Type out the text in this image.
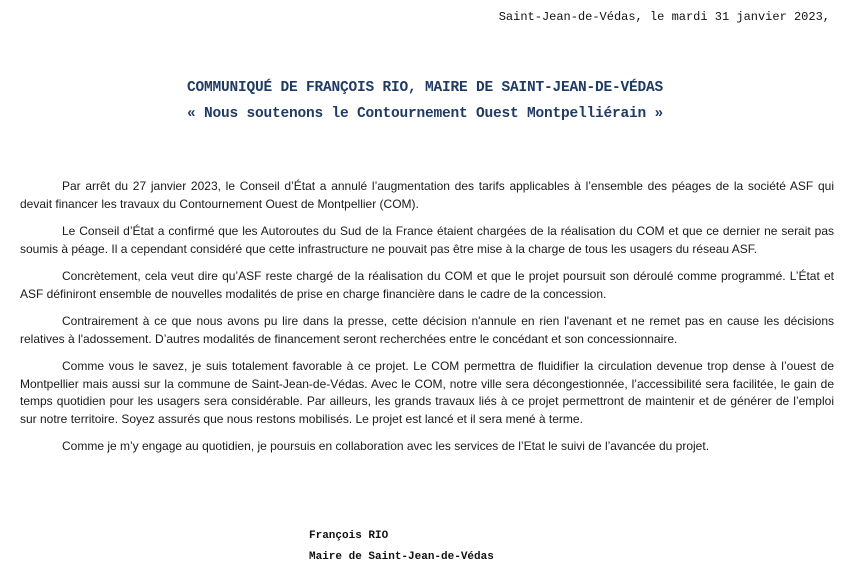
Saint-Jean-de-Védas, le mardi 31 janvier 2023,
COMMUNIQUÉ DE FRANÇOIS RIO, MAIRE DE SAINT-JEAN-DE-VÉDAS
« Nous soutenons le Contournement Ouest Montpelliérain »

Par arrêt du 27 janvier 2023, le Conseil d’État a annulé l’augmentation des tarifs applicables à l’ensemble des péages de la société ASF qui devait financer les travaux du Contournement Ouest de Montpellier (COM).

Le Conseil d’État a confirmé que les Autoroutes du Sud de la France étaient chargées de la réalisation du COM et que ce dernier ne serait pas soumis à péage. Il a cependant considéré que cette infrastructure ne pouvait pas être mise à la charge de tous les usagers du réseau ASF.

Concrètement, cela veut dire qu’ASF reste chargé de la réalisation du COM et que le projet poursuit son déroulé comme programmé. L’État et ASF définiront ensemble de nouvelles modalités de prise en charge financière dans le cadre de la concession.

Contrairement à ce que nous avons pu lire dans la presse, cette décision n'annule en rien l'avenant et ne remet pas en cause les décisions relatives à l'adossement. D’autres modalités de financement seront recherchées entre le concédant et son concessionnaire.

Comme vous le savez, je suis totalement favorable à ce projet. Le COM permettra de fluidifier la circulation devenue trop dense à l’ouest de Montpellier mais aussi sur la commune de Saint-Jean-de-Védas. Avec le COM, notre ville sera décongestionnée, l’accessibilité sera facilitée, le gain de temps quotidien pour les usagers sera considérable. Par ailleurs, les grands travaux liés à ce projet permettront de maintenir et de générer de l’emploi sur notre territoire. Soyez assurés que nous restons mobilisés. Le projet est lancé et il sera mené à terme.

Comme je m’y engage au quotidien, je poursuis en collaboration avec les services de l’Etat le suivi de l’avancée du projet.

François RIO
Maire de Saint-Jean-de-Védas
